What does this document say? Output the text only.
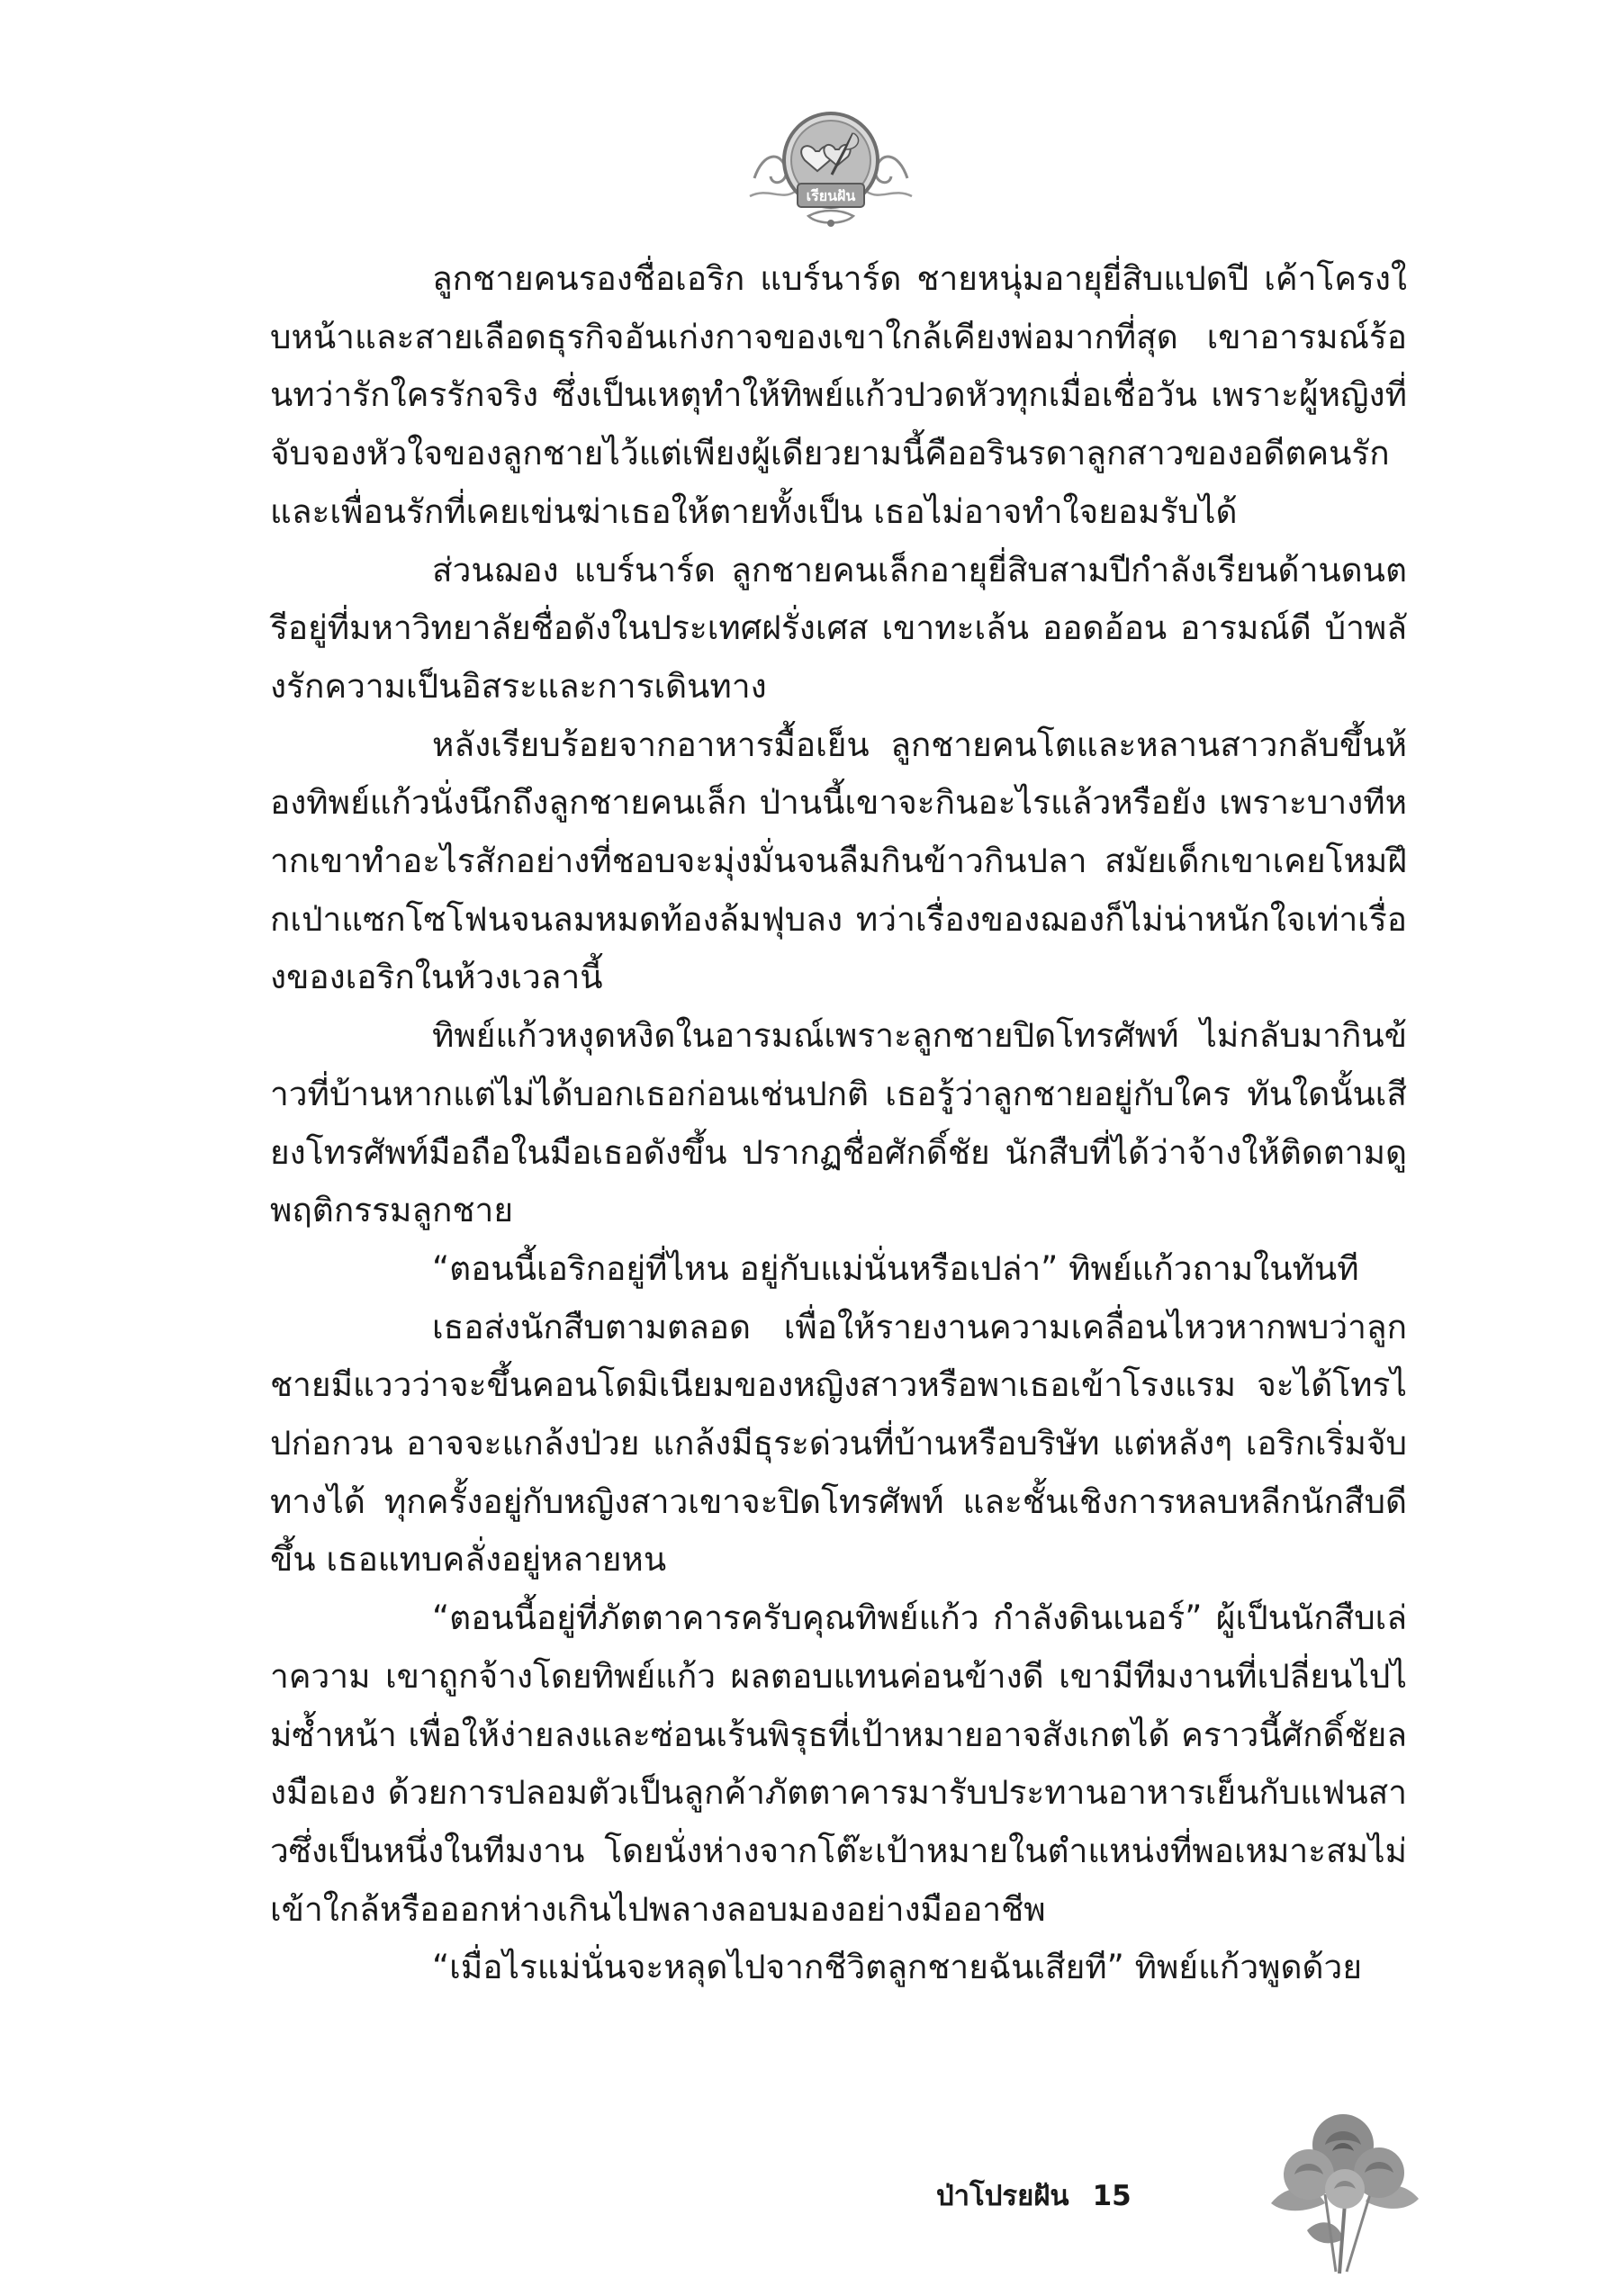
เรียนฝัน

ลูกชายคนรองชื่อเอริก แบร์นาร์ด ชายหนุ่มอายุยี่สิบแปดปี เค้าโครงใบหน้าและสายเลือดธุรกิจอันเก่งกาจของเขาใกล้เคียงพ่อมากที่สุด เขาอารมณ์ร้อนทว่ารักใครรักจริง ซึ่งเป็นเหตุทำให้ทิพย์แก้วปวดหัวทุกเมื่อเชื่อวัน เพราะผู้หญิงที่จับจองหัวใจของลูกชายไว้แต่เพียงผู้เดียวยามนี้คืออรินรดาลูกสาวของอดีตคนรักและเพื่อนรักที่เคยเข่นฆ่าเธอให้ตายทั้งเป็น เธอไม่อาจทำใจยอมรับได้

ส่วนฌอง แบร์นาร์ด ลูกชายคนเล็กอายุยี่สิบสามปีกำลังเรียนด้านดนตรีอยู่ที่มหาวิทยาลัยชื่อดังในประเทศฝรั่งเศส เขาทะเล้น ออดอ้อน อารมณ์ดี บ้าพลังรักความเป็นอิสระและการเดินทาง

หลังเรียบร้อยจากอาหารมื้อเย็น ลูกชายคนโตและหลานสาวกลับขึ้นห้องทิพย์แก้วนั่งนึกถึงลูกชายคนเล็ก ป่านนี้เขาจะกินอะไรแล้วหรือยัง เพราะบางทีหากเขาทำอะไรสักอย่างที่ชอบจะมุ่งมั่นจนลืมกินข้าวกินปลา สมัยเด็กเขาเคยโหมฝึกเป่าแซกโซโฟนจนลมหมดท้องล้มฟุบลง ทว่าเรื่องของฌองก็ไม่น่าหนักใจเท่าเรื่องของเอริกในห้วงเวลานี้

ทิพย์แก้วหงุดหงิดในอารมณ์เพราะลูกชายปิดโทรศัพท์ ไม่กลับมากินข้าวที่บ้านหากแต่ไม่ได้บอกเธอก่อนเช่นปกติ เธอรู้ว่าลูกชายอยู่กับใคร ทันใดนั้นเสียงโทรศัพท์มือถือในมือเธอดังขึ้น ปรากฏชื่อศักดิ์ชัย นักสืบที่ได้ว่าจ้างให้ติดตามดูพฤติกรรมลูกชาย

“ตอนนี้เอริกอยู่ที่ไหน อยู่กับแม่นั่นหรือเปล่า” ทิพย์แก้วถามในทันที

เธอส่งนักสืบตามตลอด เพื่อให้รายงานความเคลื่อนไหวหากพบว่าลูกชายมีแววว่าจะขึ้นคอนโดมิเนียมของหญิงสาวหรือพาเธอเข้าโรงแรม จะได้โทรไปก่อกวน อาจจะแกล้งป่วย แกล้งมีธุระด่วนที่บ้านหรือบริษัท แต่หลังๆ เอริกเริ่มจับทางได้ ทุกครั้งอยู่กับหญิงสาวเขาจะปิดโทรศัพท์ และชั้นเชิงการหลบหลีกนักสืบดีขึ้น เธอแทบคลั่งอยู่หลายหน

“ตอนนี้อยู่ที่ภัตตาคารครับคุณทิพย์แก้ว กำลังดินเนอร์” ผู้เป็นนักสืบเล่าความ เขาถูกจ้างโดยทิพย์แก้ว ผลตอบแทนค่อนข้างดี เขามีทีมงานที่เปลี่ยนไปไม่ซ้ำหน้า เพื่อให้ง่ายลงและซ่อนเร้นพิรุธที่เป้าหมายอาจสังเกตได้ คราวนี้ศักดิ์ชัยลงมือเอง ด้วยการปลอมตัวเป็นลูกค้าภัตตาคารมารับประทานอาหารเย็นกับแฟนสาวซึ่งเป็นหนึ่งในทีมงาน โดยนั่งห่างจากโต๊ะเป้าหมายในตำแหน่งที่พอเหมาะสมไม่เข้าใกล้หรือออกห่างเกินไปพลางลอบมองอย่างมืออาชีพ

“เมื่อไรแม่นั่นจะหลุดไปจากชีวิตลูกชายฉันเสียที” ทิพย์แก้วพูดด้วย

ป่าโปรยฝัน 15
